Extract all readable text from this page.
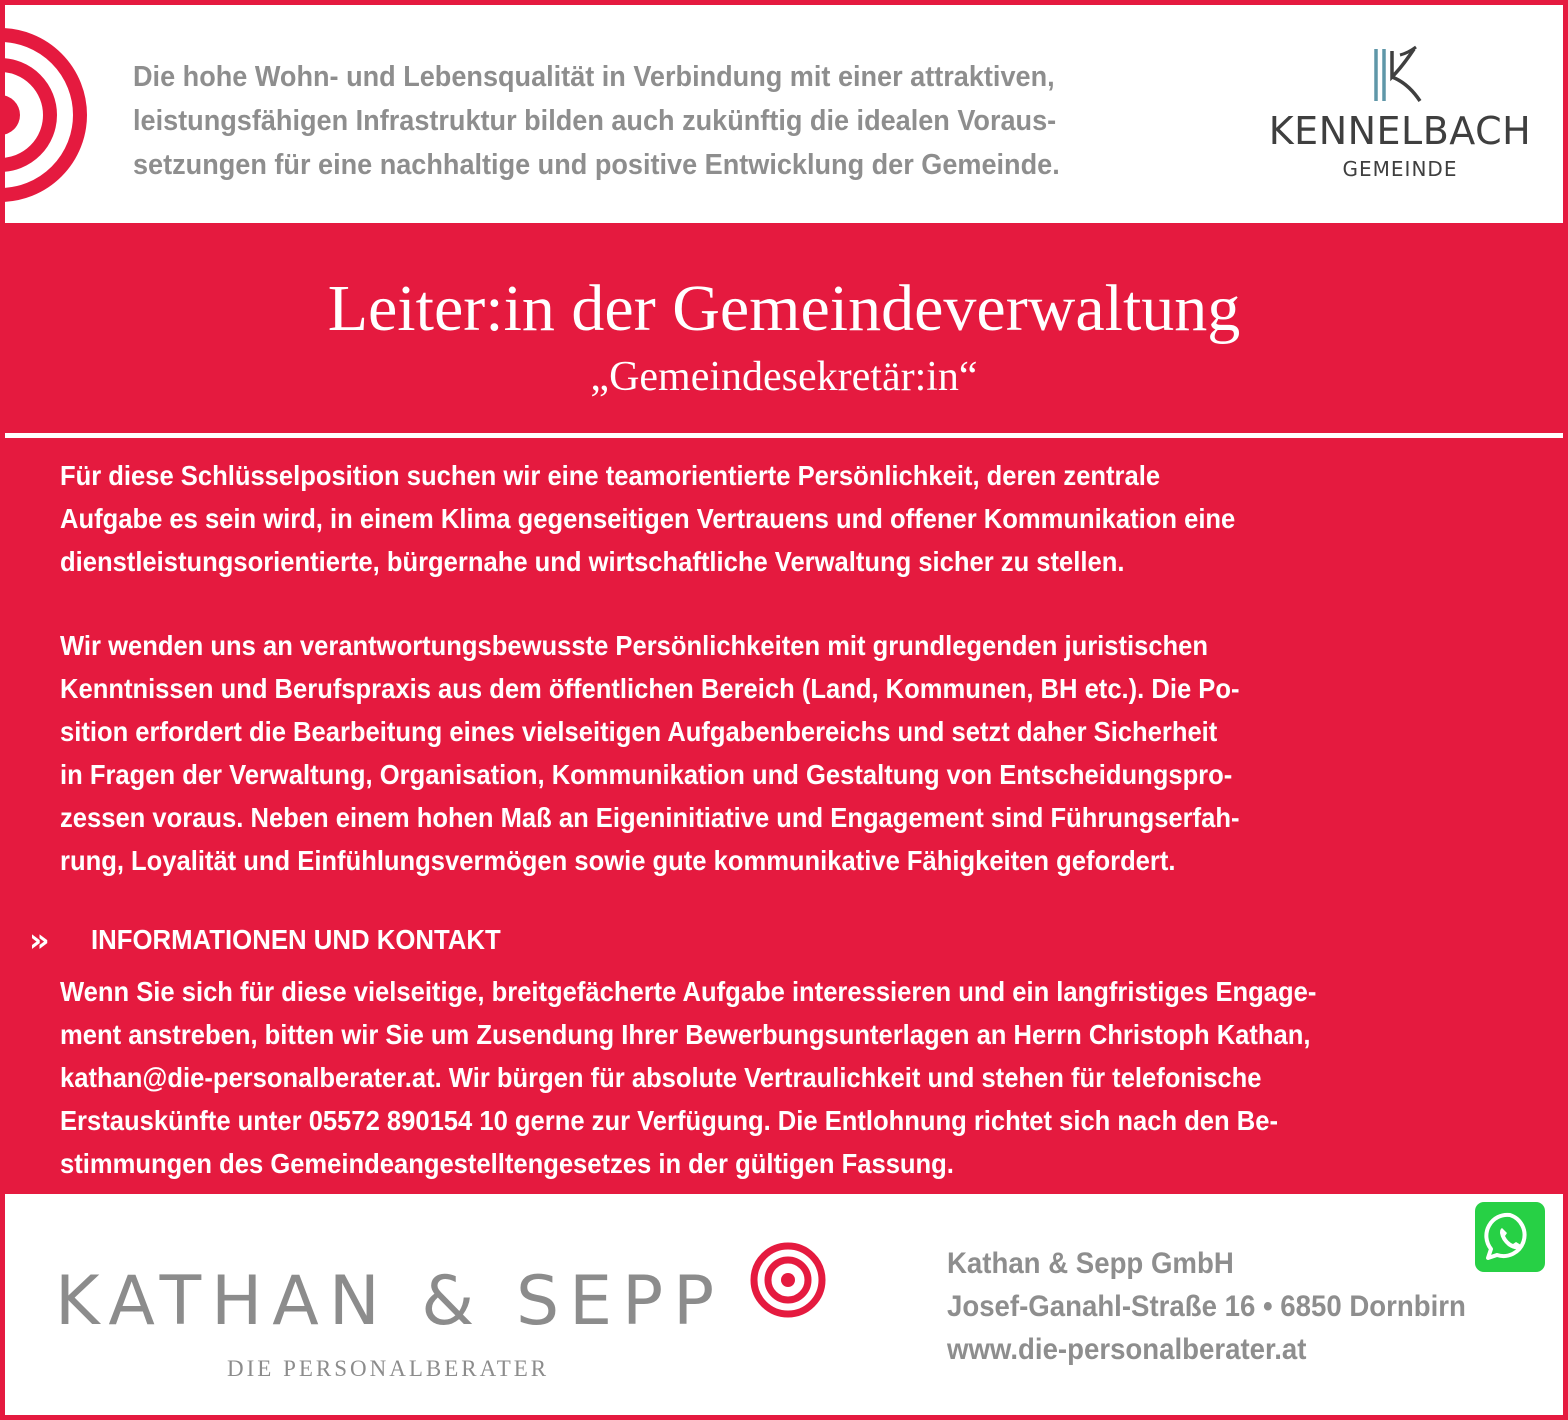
Die hohe Wohn- und Lebensqualität in Verbindung mit einer attraktiven,
leistungsfähigen Infrastruktur bilden auch zukünftig die idealen Voraus-
setzungen für eine nachhaltige und positive Entwicklung der Gemeinde.

KENNELBACH
GEMEINDE
Leiter:in der Gemeindeverwaltung
„Gemeindesekretär:in“

Für diese Schlüsselposition suchen wir eine teamorientierte Persönlichkeit, deren zentrale
Aufgabe es sein wird, in einem Klima gegenseitigen Vertrauens und offener Kommunikation eine
dienstleistungsorientierte, bürgernahe und wirtschaftliche Verwaltung sicher zu stellen.

Wir wenden uns an verantwortungsbewusste Persönlichkeiten mit grundlegenden juristischen
Kenntnissen und Berufspraxis aus dem öffentlichen Bereich (Land, Kommunen, BH etc.). Die Po-
sition erfordert die Bearbeitung eines vielseitigen Aufgabenbereichs und setzt daher Sicherheit
in Fragen der Verwaltung, Organisation, Kommunikation und Gestaltung von Entscheidungspro-
zessen voraus. Neben einem hohen Maß an Eigeninitiative und Engagement sind Führungserfah-
rung, Loyalität und Einfühlungsvermögen sowie gute kommunikative Fähigkeiten gefordert.

» INFORMATIONEN UND KONTAKT

Wenn Sie sich für diese vielseitige, breitgefächerte Aufgabe interessieren und ein langfristiges Engage-
ment anstreben, bitten wir Sie um Zusendung Ihrer Bewerbungsunterlagen an Herrn Christoph Kathan,
kathan@die-personalberater.at. Wir bürgen für absolute Vertraulichkeit und stehen für telefonische
Erstauskünfte unter 05572 890154 10 gerne zur Verfügung. Die Entlohnung richtet sich nach den Be-
stimmungen des Gemeindeangestelltengesetzes in der gültigen Fassung.

KATHAN & SEPP
DIE PERSONALBERATER
Kathan & Sepp GmbH
Josef-Ganahl-Straße 16 • 6850 Dornbirn
www.die-personalberater.at
